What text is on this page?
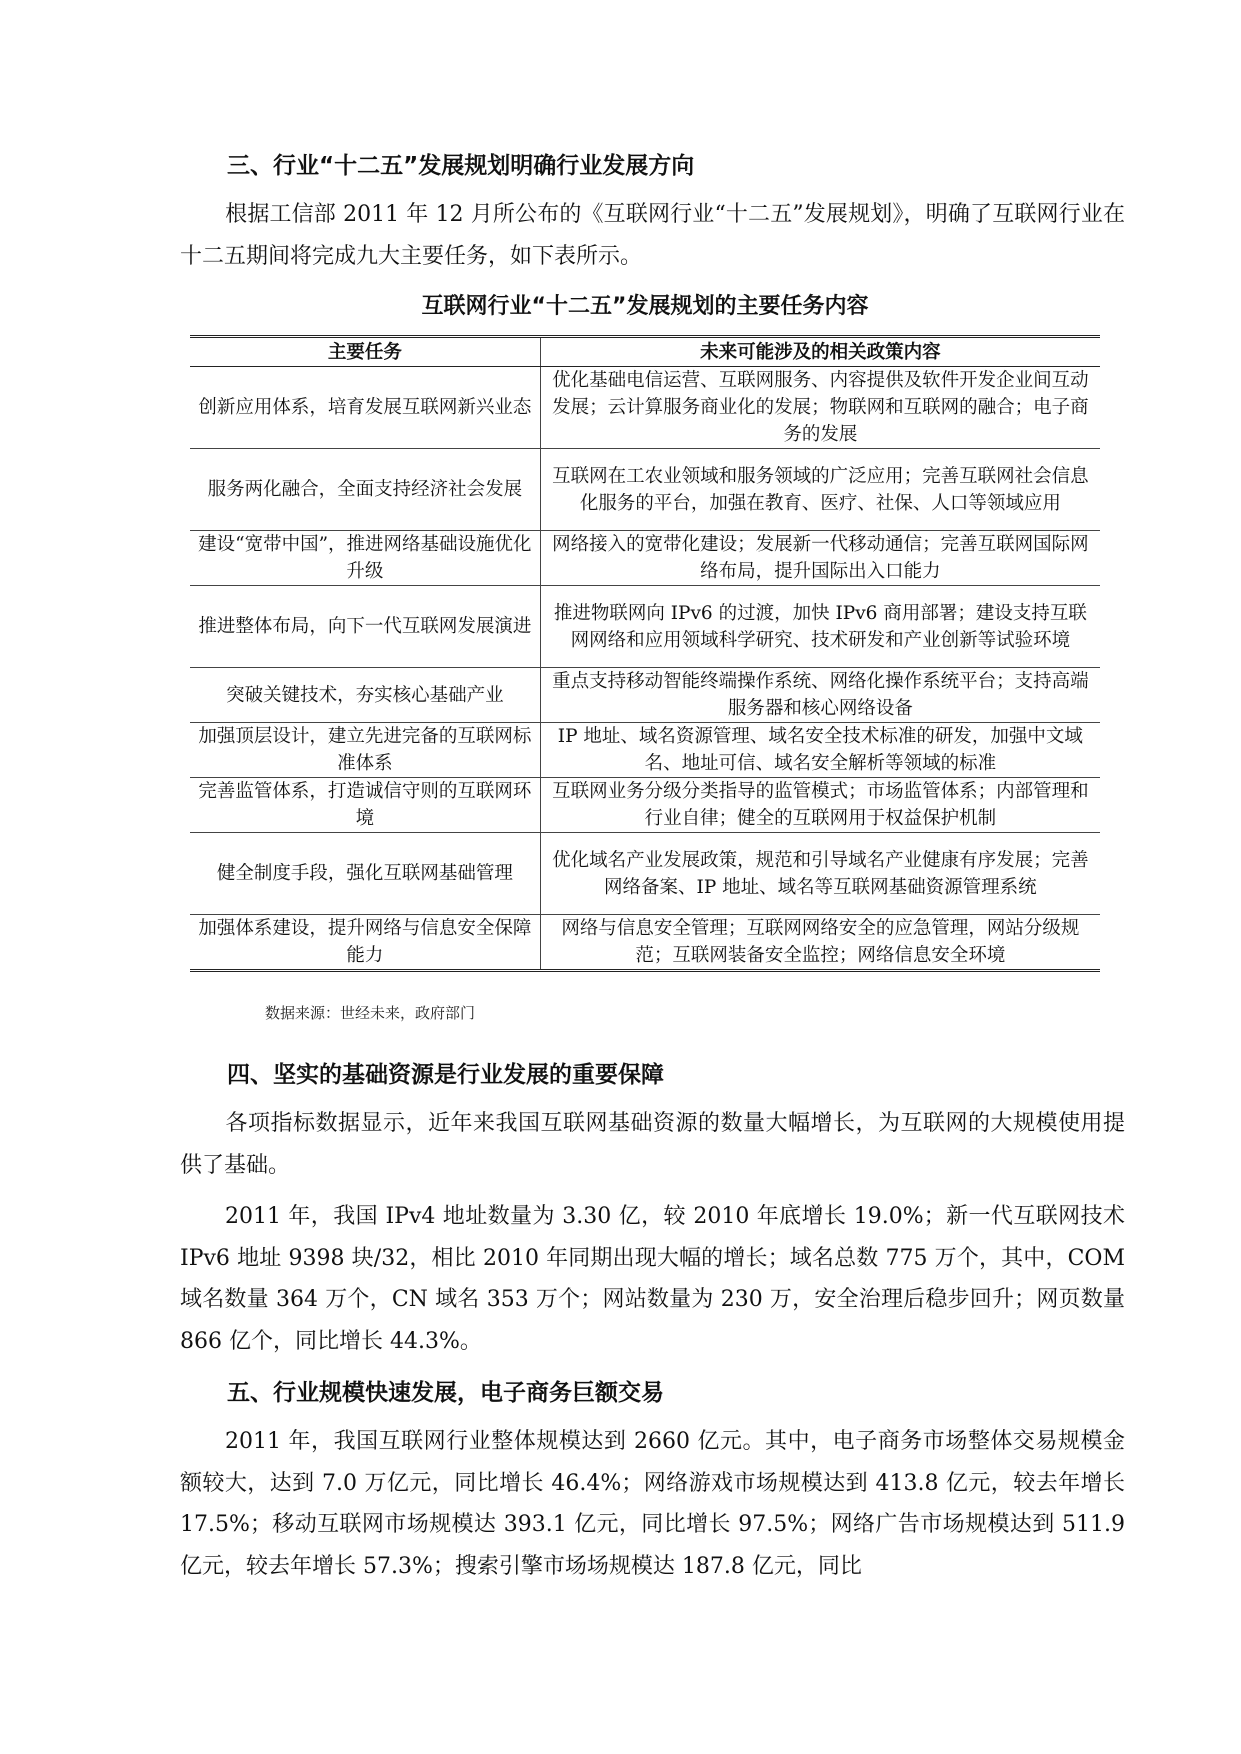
三、行业“十二五”发展规划明确行业发展方向
根据工信部 2011 年 12 月所公布的《互联网行业“十二五”发展规划》，明确了互联网行业在十二五期间将完成九大主要任务，如下表所示。
互联网行业“十二五”发展规划的主要任务内容
主要任务	未来可能涉及的相关政策内容
创新应用体系，培育发展互联网新兴业态	优化基础电信运营、互联网服务、内容提供及软件开发企业间互动发展；云计算服务商业化的发展；物联网和互联网的融合；电子商务的发展
服务两化融合，全面支持经济社会发展	互联网在工农业领域和服务领域的广泛应用；完善互联网社会信息化服务的平台，加强在教育、医疗、社保、人口等领域应用
建设“宽带中国”，推进网络基础设施优化升级	网络接入的宽带化建设；发展新一代移动通信；完善互联网国际网络布局，提升国际出入口能力
推进整体布局，向下一代互联网发展演进	推进物联网向 IPv6 的过渡，加快 IPv6 商用部署；建设支持互联网网络和应用领域科学研究、技术研发和产业创新等试验环境
突破关键技术，夯实核心基础产业	重点支持移动智能终端操作系统、网络化操作系统平台；支持高端服务器和核心网络设备
加强顶层设计，建立先进完备的互联网标准体系	IP 地址、域名资源管理、域名安全技术标准的研发，加强中文域名、地址可信、域名安全解析等领域的标准
完善监管体系，打造诚信守则的互联网环境	互联网业务分级分类指导的监管模式；市场监管体系；内部管理和行业自律；健全的互联网用于权益保护机制
健全制度手段，强化互联网基础管理	优化域名产业发展政策，规范和引导域名产业健康有序发展；完善网络备案、IP 地址、域名等互联网基础资源管理系统
加强体系建设，提升网络与信息安全保障能力	网络与信息安全管理；互联网网络安全的应急管理，网站分级规范；互联网装备安全监控；网络信息安全环境
数据来源：世经未来，政府部门
四、坚实的基础资源是行业发展的重要保障
各项指标数据显示，近年来我国互联网基础资源的数量大幅增长，为互联网的大规模使用提供了基础。
2011 年，我国 IPv4 地址数量为 3.30 亿，较 2010 年底增长 19.0%；新一代互联网技术 IPv6 地址 9398 块/32，相比 2010 年同期出现大幅的增长；域名总数 775 万个，其中，COM 域名数量 364 万个，CN 域名 353 万个；网站数量为 230 万，安全治理后稳步回升；网页数量 866 亿个，同比增长 44.3%。
五、行业规模快速发展，电子商务巨额交易
2011 年，我国互联网行业整体规模达到 2660 亿元。其中，电子商务市场整体交易规模金额较大，达到 7.0 万亿元，同比增长 46.4%；网络游戏市场规模达到 413.8 亿元，较去年增长 17.5%；移动互联网市场规模达 393.1 亿元，同比增长 97.5%；网络广告市场规模达到 511.9 亿元，较去年增长 57.3%；搜索引擎市场场规模达 187.8 亿元，同比
